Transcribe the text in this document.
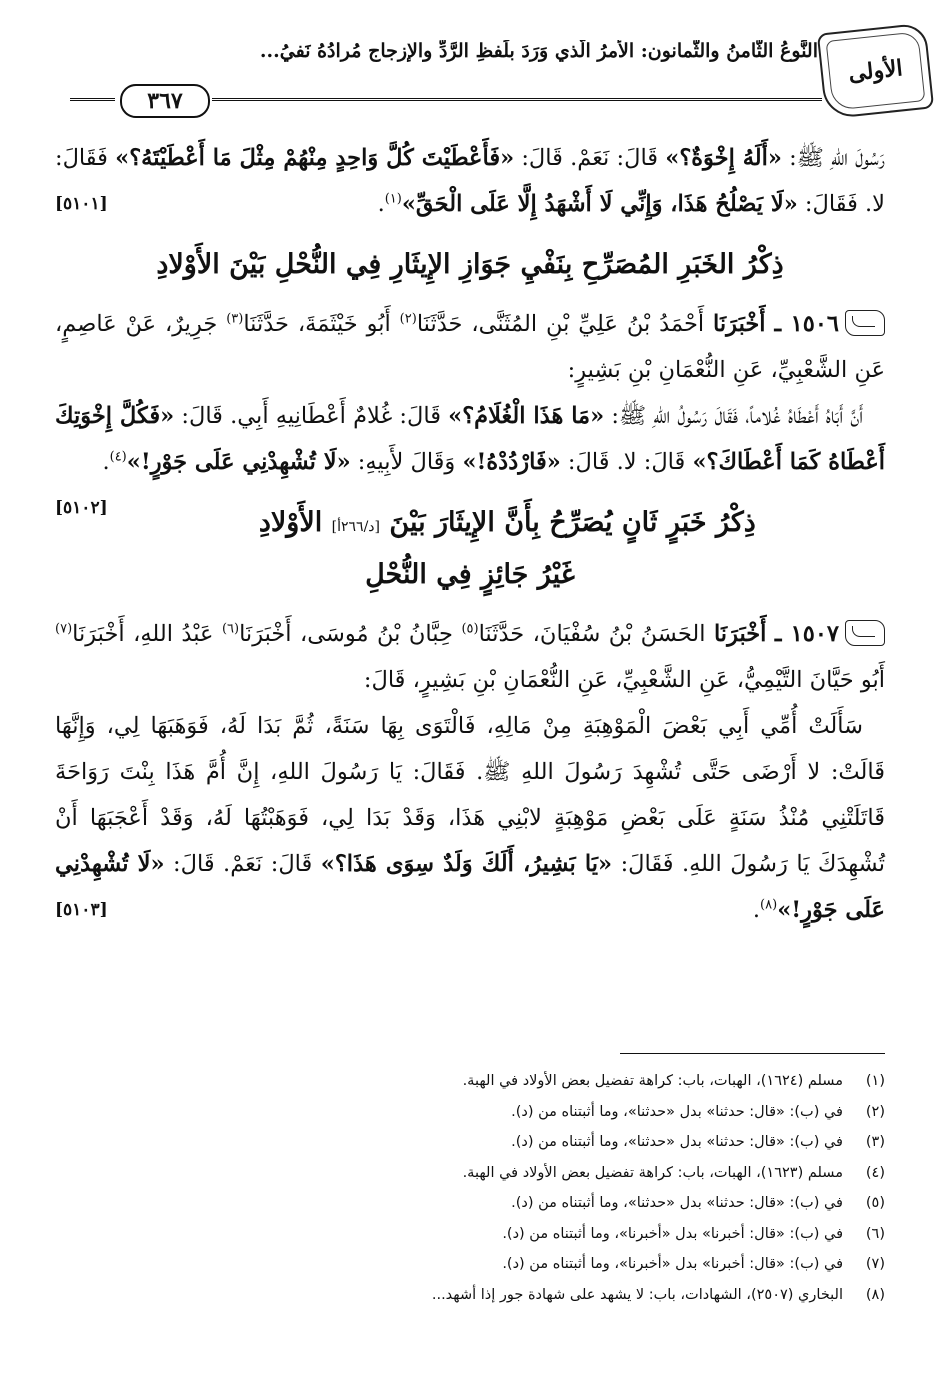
الأولى
النَّوعُ الثَّامنُ والثَّمانون: الأمرُ الَّذي وَرَدَ بلَفظِ الرَّدِّ والإزجاج مُرادُهُ نَفيُ...
٣٦٧

رَسُولَ اللهِ ﷺ: «أَلَهُ إِخْوَةٌ؟» قَالَ: نَعَمْ. قَالَ: «فَأَعْطَيْتَ كُلَّ وَاحِدٍ مِنْهُمْ مِثْلَ مَا أَعْطَيْتَهُ؟» فَقَالَ: لا. فَقَالَ: «لَا يَصْلُحُ هَذَا، وَإِنِّي لَا أَشْهَدُ إِلَّا عَلَى الْحَقِّ»$^{(١)}$.
[٥١٠١]

ذِكْرُ الخَبَرِ المُصَرِّحِ بِنَفْيِ جَوَازِ الإِيثَارِ فِي النُّحْلِ بَيْنَ الأَوْلادِ

١٥٠٦ ـ أَخْبَرَنَا أَحْمَدُ بْنُ عَلِيِّ بْنِ المُثَنَّى، حَدَّثَنَا$^{(٢)}$ أَبُو خَيْثَمَةَ، حَدَّثَنَا$^{(٣)}$ جَرِيرٌ، عَنْ عَاصِمٍ، عَنِ الشَّعْبِيِّ، عَنِ النُّعْمَانِ بْنِ بَشِيرٍ:

أَنَّ أَبَاهُ أَعْطَاهُ غُلاماً، فَقَالَ رَسُولُ اللهِ ﷺ: «مَا هَذَا الْغُلَامُ؟» قَالَ: غُلامٌ أَعْطَانِيهِ أَبِي. قَالَ: «فَكُلَّ إِخْوَتِكَ أَعْطَاهُ كَمَا أَعْطَاكَ؟» قَالَ: لا. قَالَ: «فَارْدُدْهُ!» وَقَالَ لأَبِيهِ: «لَا تُشْهِدْنِي عَلَى جَوْرٍ!»$^{(٤)}$.
[٥١٠٢]	ذِكْرُ خَبَرٍ ثَانٍ يُصَرِّحُ بِأَنَّ الإِيثَارَ بَيْنَ [د/٢٦٦أ] الأَوْلادِ
غَيْرُ جَائِزٍ فِي النُّحْلِ

١٥٠٧ ـ أَخْبَرَنَا الحَسَنُ بْنُ سُفْيَانَ، حَدَّثَنَا$^{(٥)}$ حِبَّانُ بْنُ مُوسَى، أَخْبَرَنَا$^{(٦)}$ عَبْدُ اللهِ، أَخْبَرَنَا$^{(٧)}$ أَبُو حَيَّانَ التَّيْمِيُّ، عَنِ الشَّعْبِيِّ، عَنِ النُّعْمَانِ بْنِ بَشِيرٍ، قَالَ:

سَأَلَتْ أُمِّي أَبِي بَعْضَ الْمَوْهِبَةِ مِنْ مَالِهِ، فَالْتَوَى بِهَا سَنَةً، ثُمَّ بَدَا لَهُ، فَوَهَبَهَا لِي، وَإِنَّهَا قَالَتْ: لا أَرْضَى حَتَّى تُشْهِدَ رَسُولَ اللهِ ﷺ. فَقَالَ: يَا رَسُولَ اللهِ، إِنَّ أُمَّ هَذَا بِنْتَ رَوَاحَةَ قَاتَلَتْنِي مُنْذُ سَنَةٍ عَلَى بَعْضِ مَوْهِبَةٍ لابْنِي هَذَا، وَقَدْ بَدَا لِي، فَوَهَبْتُهَا لَهُ، وَقَدْ أَعْجَبَهَا أَنْ تُشْهِدَكَ يَا رَسُولَ اللهِ. فَقَالَ: «يَا بَشِيرُ، أَلَكَ وَلَدٌ سِوَى هَذَا؟» قَالَ: نَعَمْ. قَالَ: «لَا تُشْهِدْنِي عَلَى جَوْرٍ!»$^{(٨)}$.
[٥١٠٣]

(١)
مسلم (١٦٢٤)، الهبات، باب: كراهة تفضيل بعض الأولاد في الهبة.
(٢)
في (ب): «قال: حدثنا» بدل «حدثنا»، وما أثبتناه من (د).
(٣)
في (ب): «قال: حدثنا» بدل «حدثنا»، وما أثبتناه من (د).
(٤)
مسلم (١٦٢٣)، الهبات، باب: كراهة تفضيل بعض الأولاد في الهبة.
(٥)
في (ب): «قال: حدثنا» بدل «حدثنا»، وما أثبتناه من (د).
(٦)
في (ب): «قال: أخبرنا» بدل «أخبرنا»، وما أثبتناه من (د).
(٧)
في (ب): «قال: أخبرنا» بدل «أخبرنا»، وما أثبتناه من (د).
(٨)
البخاري (٢٥٠٧)، الشهادات، باب: لا يشهد على شهادة جور إذا أشهد...
